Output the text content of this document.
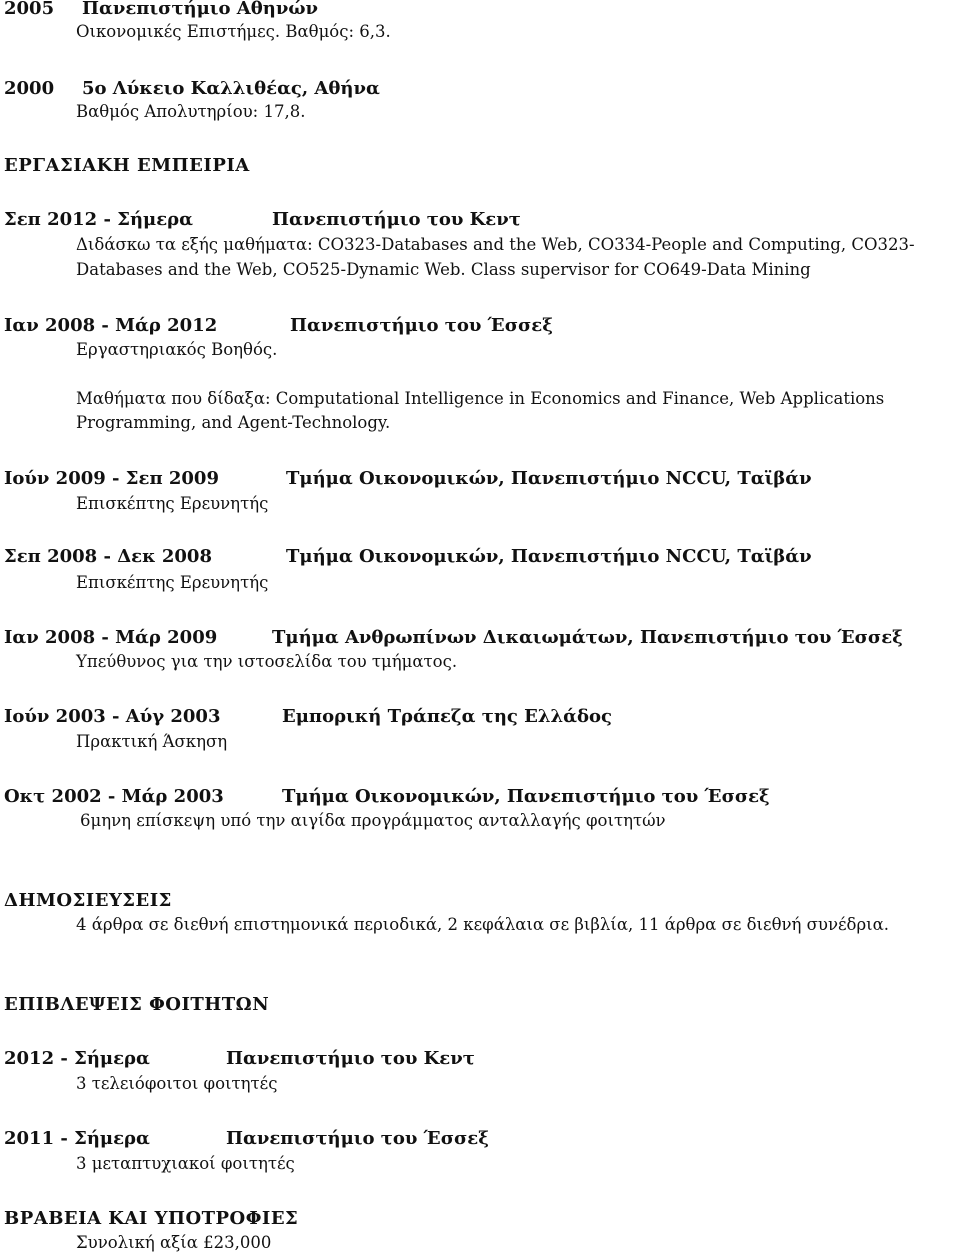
2005 Πανεπιστήμιο Αθηνών
Οικονομικές Επιστήμες. Βαθμός: 6,3.
2000 5ο Λύκειο Καλλιθέας, Αθήνα
Βαθμός Απολυτηρίου: 17,8.
ΕΡΓΑΣΙΑΚΗ ΕΜΠΕΙΡΙΑ
Σεπ 2012 - Σήμερα	Πανεπιστήμιο του Κεντ
Διδάσκω τα εξής μαθήματα: CO323-Databases and the Web, CO334-People and Computing, CO323-
Databases and the Web, CO525-Dynamic Web. Class supervisor for CO649-Data Mining
Ιαν 2008 - Μάρ 2012	Πανεπιστήμιο του Έσσεξ
Εργαστηριακός Βοηθός.
Μαθήματα που δίδαξα: Computational Intelligence in Economics and Finance, Web Applications
Programming, and Agent-Technology.
Ιούν 2009 - Σεπ 2009	Τμήμα Οικονομικών, Πανεπιστήμιο NCCU, Ταϊβάν
Επισκέπτης Ερευνητής
Σεπ 2008 - Δεκ 2008	Τμήμα Οικονομικών, Πανεπιστήμιο NCCU, Ταϊβάν
Επισκέπτης Ερευνητής
Ιαν 2008 - Μάρ 2009	Τμήμα Ανθρωπίνων Δικαιωμάτων, Πανεπιστήμιο του Έσσεξ
Υπεύθυνος για την ιστοσελίδα του τμήματος.
Ιούν 2003 - Αύγ 2003	Εμπορική Τράπεζα της Ελλάδος
Πρακτική Άσκηση
Οκτ 2002 - Μάρ 2003	Τμήμα Οικονομικών, Πανεπιστήμιο του Έσσεξ
6μηνη επίσκεψη υπό την αιγίδα προγράμματος ανταλλαγής φοιτητών
ΔΗΜΟΣΙΕΥΣΕΙΣ
4 άρθρα σε διεθνή επιστημονικά περιοδικά, 2 κεφάλαια σε βιβλία, 11 άρθρα σε διεθνή συνέδρια.
ΕΠΙΒΛΕΨΕΙΣ ΦΟΙΤΗΤΩΝ
2012 - Σήμερα	Πανεπιστήμιο του Κεντ
3 τελειόφοιτοι φοιτητές
2011 - Σήμερα	Πανεπιστήμιο του Έσσεξ
3 μεταπτυχιακοί φοιτητές
ΒΡΑΒΕΙΑ ΚΑΙ ΥΠΟΤΡΟΦΙΕΣ
Συνολική αξία £23,000
